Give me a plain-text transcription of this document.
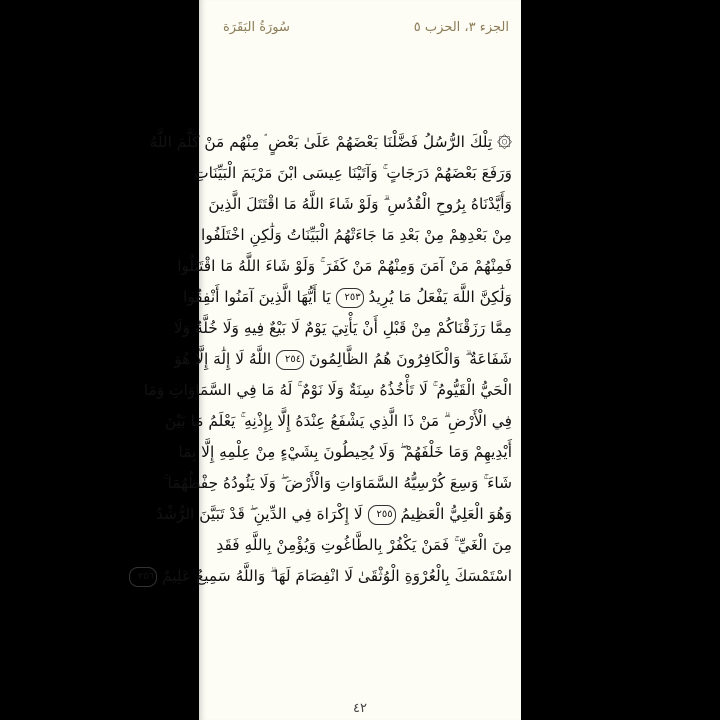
الجزء ٣، الحزب ٥
سُورَةُ البَقَرَة
۞ تِلْكَ الرُّسُلُ فَضَّلْنَا بَعْضَهُمْ عَلَىٰ بَعْضٍ ۘ مِنْهُم مَنْ كَلَّمَ اللَّهُ
وَرَفَعَ بَعْضَهُمْ دَرَجَاتٍ ۚ وَآتَيْنَا عِيسَى ابْنَ مَرْيَمَ الْبَيِّنَاتِ
وَأَيَّدْنَاهُ بِرُوحِ الْقُدُسِ ۗ وَلَوْ شَاءَ اللَّهُ مَا اقْتَتَلَ الَّذِينَ
مِنْ بَعْدِهِمْ مِنْ بَعْدِ مَا جَاءَتْهُمُ الْبَيِّنَاتُ وَلَٰكِنِ اخْتَلَفُوا
فَمِنْهُمْ مَنْ آمَنَ وَمِنْهُمْ مَنْ كَفَرَ ۚ وَلَوْ شَاءَ اللَّهُ مَا اقْتَتَلُوا
وَلَٰكِنَّ اللَّهَ يَفْعَلُ مَا يُرِيدُ ٢٥٣ يَا أَيُّهَا الَّذِينَ آمَنُوا أَنْفِقُوا
مِمَّا رَزَقْنَاكُمْ مِنْ قَبْلِ أَنْ يَأْتِيَ يَوْمٌ لَا بَيْعٌ فِيهِ وَلَا خُلَّةٌ وَلَا
شَفَاعَةٌ ۗ وَالْكَافِرُونَ هُمُ الظَّالِمُونَ ٢٥٤ اللَّهُ لَا إِلَٰهَ إِلَّا هُوَ
الْحَيُّ الْقَيُّومُ ۚ لَا تَأْخُذُهُ سِنَةٌ وَلَا نَوْمٌ ۚ لَهُ مَا فِي السَّمَاوَاتِ وَمَا
فِي الْأَرْضِ ۗ مَنْ ذَا الَّذِي يَشْفَعُ عِنْدَهُ إِلَّا بِإِذْنِهِ ۚ يَعْلَمُ مَا بَيْنَ
أَيْدِيهِمْ وَمَا خَلْفَهُمْ ۖ وَلَا يُحِيطُونَ بِشَيْءٍ مِنْ عِلْمِهِ إِلَّا بِمَا
شَاءَ ۚ وَسِعَ كُرْسِيُّهُ السَّمَاوَاتِ وَالْأَرْضَ ۖ وَلَا يَئُودُهُ حِفْظُهُمَا ۚ
وَهُوَ الْعَلِيُّ الْعَظِيمُ ٢٥٥ لَا إِكْرَاهَ فِي الدِّينِ ۖ قَدْ تَبَيَّنَ الرُّشْدُ
مِنَ الْغَيِّ ۚ فَمَنْ يَكْفُرْ بِالطَّاغُوتِ وَيُؤْمِنْ بِاللَّهِ فَقَدِ
اسْتَمْسَكَ بِالْعُرْوَةِ الْوُثْقَىٰ لَا انْفِصَامَ لَهَا ۗ وَاللَّهُ سَمِيعٌ عَلِيمٌ ٢٥٦
٤٢
